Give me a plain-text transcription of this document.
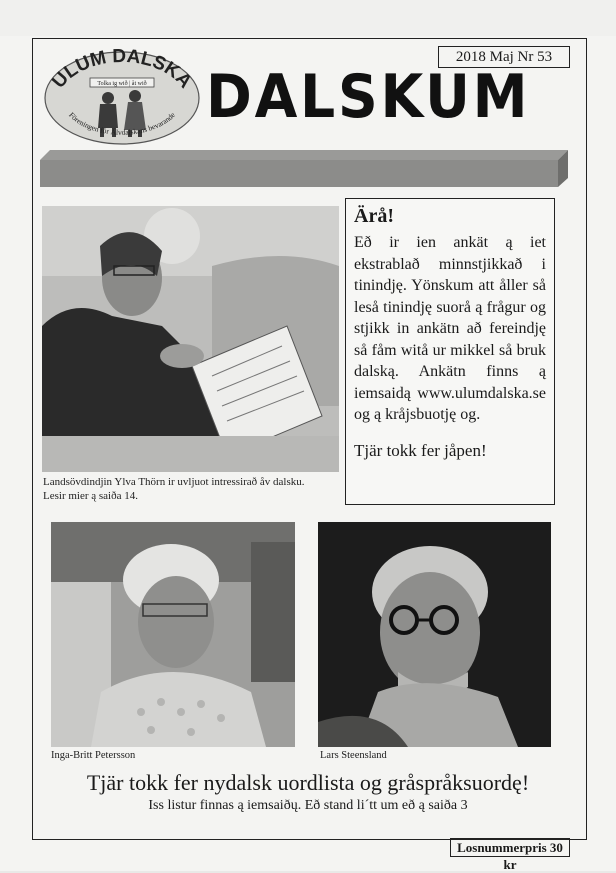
ULUM DALSKA
Tolka ig wið | åt wið
Föreningen för Älvdalskans bevarande
2018 Maj Nr 53
DALSKUM
Landsövdindjin Ylva Thörn ir uvljuot intressirað åv dalsku.
Lesir mier ą saiða 14.
Ärå!

Eð ir ien ankät ą iet ekstrablað minnstjikkað i tinindję. Yönskum att åller så leså tinindję suorå ą frågur og stjikk in ankätn að fereindję så fåm witå ur mikkel så bruk dalską. Ankätn finns ą iemsaidą www.ulumdalska.se og ą kråjsbuotję og.

Tjär tokk fer jåpen!

Inga-Britt Petersson	Lars Steensland
Tjär tokk fer nydalsk uordlista og gråspråksuordę!
Iss listur finnas ą iemsaiðų. Eð stand li´tt um eð ą saiða 3
Losnummerpris 30 kr
